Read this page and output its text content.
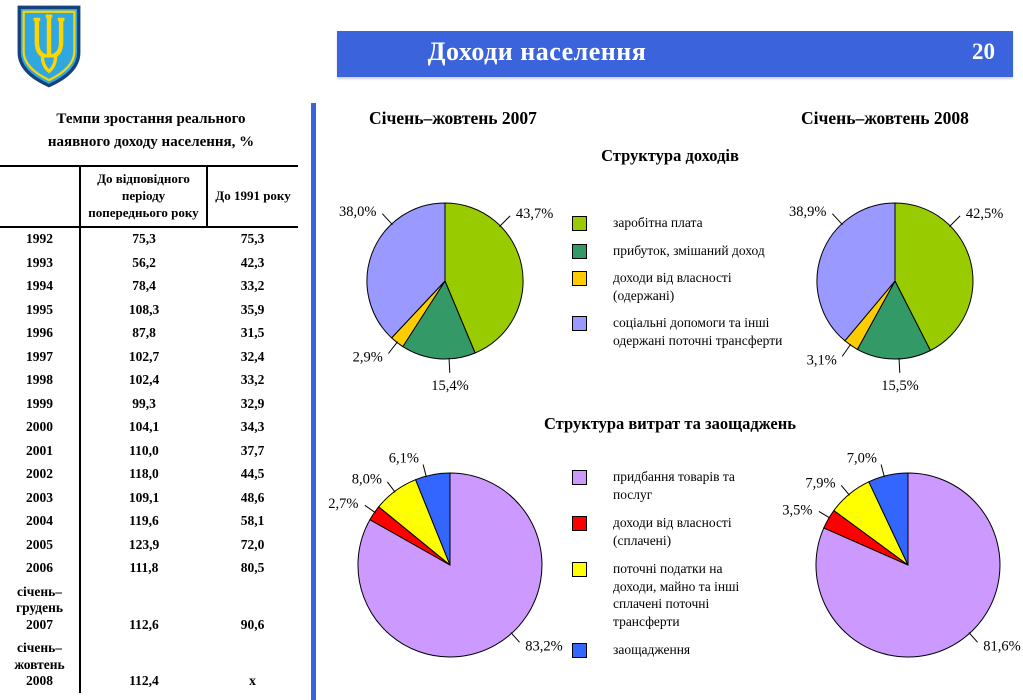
Доходи населення	20
Темпи зростання реального наявного доходу населення, %
	До відповідного періоду попереднього року	До 1991 року
1992	75,3	75,3
1993	56,2	42,3
1994	78,4	33,2
1995	108,3	35,9
1996	87,8	31,5
1997	102,7	32,4
1998	102,4	33,2
1999	99,3	32,9
2000	104,1	34,3
2001	110,0	37,7
2002	118,0	44,5
2003	109,1	48,6
2004	119,6	58,1
2005	123,9	72,0
2006	111,8	80,5
січень–
грудень
2007	112,6	90,6
січень–
жовтень
2008	112,4	x
Січень–жовтень 2007	Січень–жовтень 2008
Структура доходів
43,7%
15,4%
2,9%
38,0%
заробітна плата
прибуток, змішаний доход
доходи від власності (одержані)
соціальні допомоги та інші одержані поточні трансферти
42,5%
15,5%
3,1%
38,9%
Структура витрат та заощаджень
83,2%
2,7%
8,0%
6,1%
придбання товарів та послуг
доходи від власності (сплачені)
поточні податки на доходи, майно та інші сплачені поточні трансферти
заощадження	81,6%
3,5%
7,9%
7,0%
